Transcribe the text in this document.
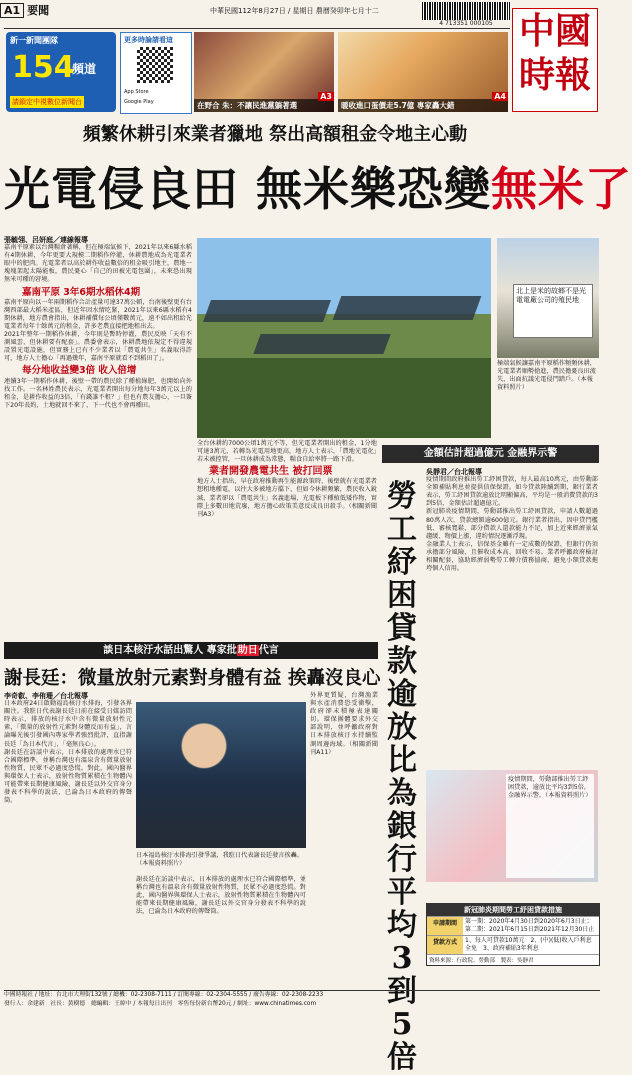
A1 要聞	中華民國112年8月27日 / 星期日 農曆癸卯年七月十二
4 713351 000105 中國
時報
新一新聞團隊
154
頻道
請鎖定中視數位新聞台
更多時論請看這
App Store
Google Play	在野合 朱：不讓民進黨躺著選
A3
暖收進口蛋價走5.7億 專家轟大錯
A4
頻繁休耕引來業者獵地 祭出高額租金令地主心動
光電侵良田 無米樂恐變無米了
張毓翎、呂妍庭／連線報導
嘉南平原素以台灣糧倉著稱，但在極端氣候下，2021年以來6縣水稻有4期休耕，今年更要大規模二期稻作停灌，休耕農地成為光電業者眼中的肥肉。光電業者以高於耕作收益數倍的租金吸引地主，農地一塊塊架起太陽能板，農民憂心「自己的田被光電包圍」，未來恐出現無米可種的窘境。
嘉南平原 3年6期水稻休4期
嘉南平原向以一年兩期稻作合計產量可達37萬公頓，台南後壁更有台灣西部最大稻米產區，但近年因水情吃緊，2021年以來6縣水稻有4期休耕，地方農會指出，休耕補償每公頃僅數萬元，遠不如出租給光電業者每年十餘萬元的租金，許多老農直接把地租出去。
2021年整年一期稻作休耕，今年則是暫時停灌，農民反映「天有不測風雲，但休耕要有配套」。農委會表示，休耕農地依規定不得違規設置光電設施，但實務上已有不少業者以「農電共生」名義取得許可，地方人士擔心「再過幾年，嘉南平原就看不到稻田了」。
每分地收益變3倍 收入倍增
連續3年一期稻作休耕，後壁一帶的農民除了種植綠肥，也開始向外找工作。一名林姓農民表示，光電業者開出每分地每年3萬元以上的租金，是耕作收益的3倍，「有錢誰不租？」但也有農友擔心，一旦簽下20年長約，土地就回不來了，下一代也不會再種田。
北上是米的故鄉不是光電電廠公司的殖民地
極端氣候讓嘉南平原稻作頻頻休耕，光電業者順勢搶進，農民擔憂良田流失，出面抗議光電侵門踏戶。（本報資料照片）
全台休耕約7000公頃1萬元不等，但光電業者開出的租金，1分地可達3萬元，若轉為光電用地更高，地方人士表示，「農地光電化」若未被控管，一旦休耕成為常態，糧食自給率將一路下滑。
業者開發農電共生 被打回票
地方人士指出，早在政府推動再生能源政策時，後壁就有光電業者想租地種電，以往大多被地方擋下，但如今休耕頻繁，農民收入銳減，業者卻以「農電共生」名義進場，光電板下種植低矮作物，實際上多數田地荒廢，地方擔心政策美意反成良田殺手。（相關新聞刊A3）
金額估計超過億元 金融界示警
勞
工
紓
困
貸
款
逾
放
比
為
銀
行
平
均
3
到
5
倍
吳靜君／台北報導
疫情期間政府推出勞工紓困貸款，每人最高10萬元，由勞動部全額補貼利息並提供信保保證。如今貸款陸續到期，銀行業者表示，勞工紓困貸款逾放比明顯偏高，平均是一般消費貸款的3到5倍，金額估計超過億元。
新冠肺炎疫情期間，勞動部推出勞工紓困貸款，申請人數超過80萬人次，貸款總額逾600億元。銀行業者指出，因申貸門檻低、審核寬鬆，部分借款人還款能力不足，加上近來經濟景氣趨緩、物價上漲，違約情況逐漸浮現。
金融業人士表示，信保基金雖有一定成數的保證，但銀行仍須承擔部分風險，且催收成本高、回收不易。業者呼籲政府檢討相關配套，協助經濟弱勢勞工轉介債務協商，避免小額貸款拖垮個人信用。
疫情期間，勞動部推出勞工紓困貸款，逾放比平均3到5倍，金融界示警。（本報資料照片）
新冠肺炎期間勞工紓困貸款措施
申請期間	第一期：2020年4月30日到2020年6月3日止；第二期：2021年6月15日到2021年12月30日止
貸款方式	1、每人可貸款10萬元　2、(中)(低)收入戶利息全免　3、政府補貼3年利息
資料來源：行政院、勞動部　製表：吳靜君
談日本核汙水話出驚人 專家批助日代言
謝長廷：微量放射元素對身體有益 挨轟沒良心
李奇叡、李侑珊／台北報導
日本政府24日啟動福島核汙水排海，引發各界關注。我駐日代表謝長廷日前在接受日媒訪問時表示，排放的核汙水中含有微量放射性元素，「微量的放射性元素對身體反而有益」，言論曝光後引發國內專家學者強烈批評，直指謝長廷「為日本代言」，「毫無良心」。
謝長廷在訪談中表示，日本排放的處理水已符合國際標準，並稱台灣也有溫泉含有微量放射性物質，民眾不必過度恐慌。對此，國內醫界與環保人士表示，放射性物質累積在生物體內可能帶來長期健康風險，謝長廷以外交官身分發表不科學的說法，已淪為日本政府的傳聲筒。
日本福島核汙水排海引發爭議，我駐日代表謝長廷發言挨轟。（本報資料照片）
外界更質疑，台灣漁業與水產消費恐受衝擊，政府卻未積極表達關切。環保團體要求外交部說明，並呼籲政府對日本排放核汙水持續監測周邊海域。（相關新聞刊A11）
謝長廷在訪談中表示，日本排放的處理水已符合國際標準，並稱台灣也有溫泉含有微量放射性物質，民眾不必過度恐慌。對此，國內醫界與環保人士表示，放射性物質累積在生物體內可能帶來長期健康風險，謝長廷以外交官身分發表不科學的說法，已淪為日本政府的傳聲筒。
中國時報社 / 地址：台北市大理街132號 / 總機：02-2308-7111 / 訂閱專線：02-2304-5555 / 廣告專線：02-2308-2233
發行人：余建新　社長：黃樹德　總編輯：王綽中 / 本報每日出刊　零售每份新台幣20元 / 網址：www.chinatimes.com
